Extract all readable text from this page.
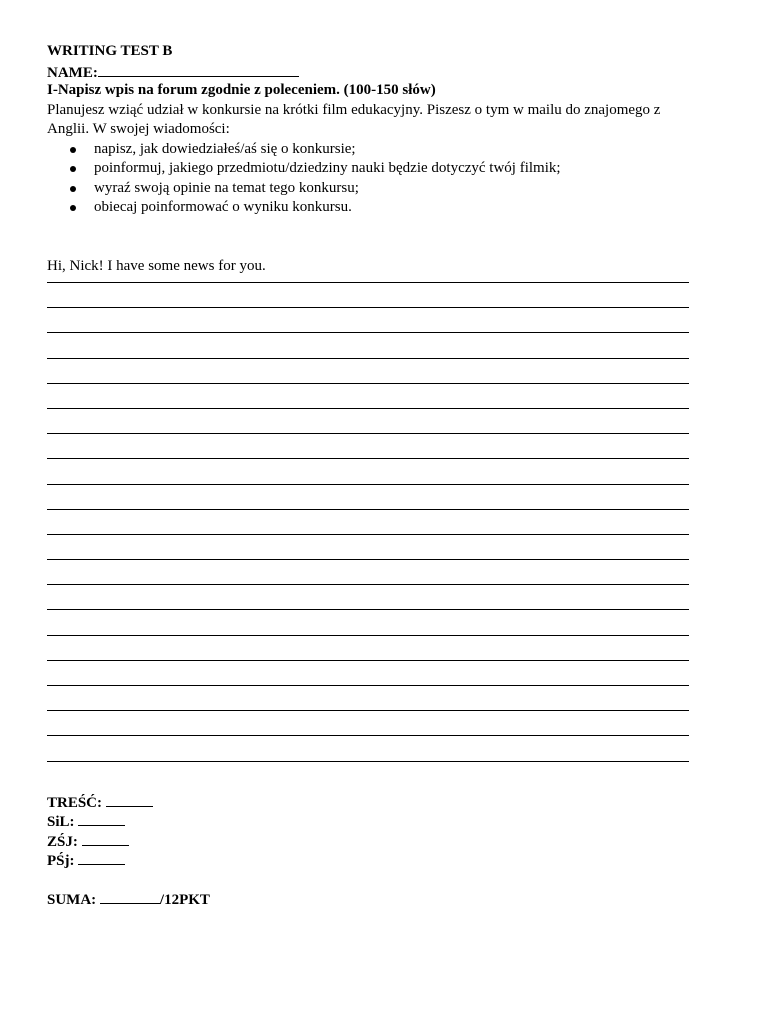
WRITING TEST B
NAME:
I-Napisz wpis na forum zgodnie z poleceniem. (100-150 słów)

Planujesz wziąć udział w konkursie na krótki film edukacyjny. Piszesz o tym w mailu do znajomego z Anglii. W swojej wiadomości:

napisz, jak dowiedziałeś/aś się o konkursie;
poinformuj, jakiego przedmiotu/dziedziny nauki będzie dotyczyć twój filmik;
wyraź swoją opinie na temat tego konkursu;
obiecaj poinformować o wyniku konkursu.
Hi, Nick! I have some news for you.
TREŚĆ:
SiL:
ZŚJ:
PŚj:
SUMA:	/12PKT
